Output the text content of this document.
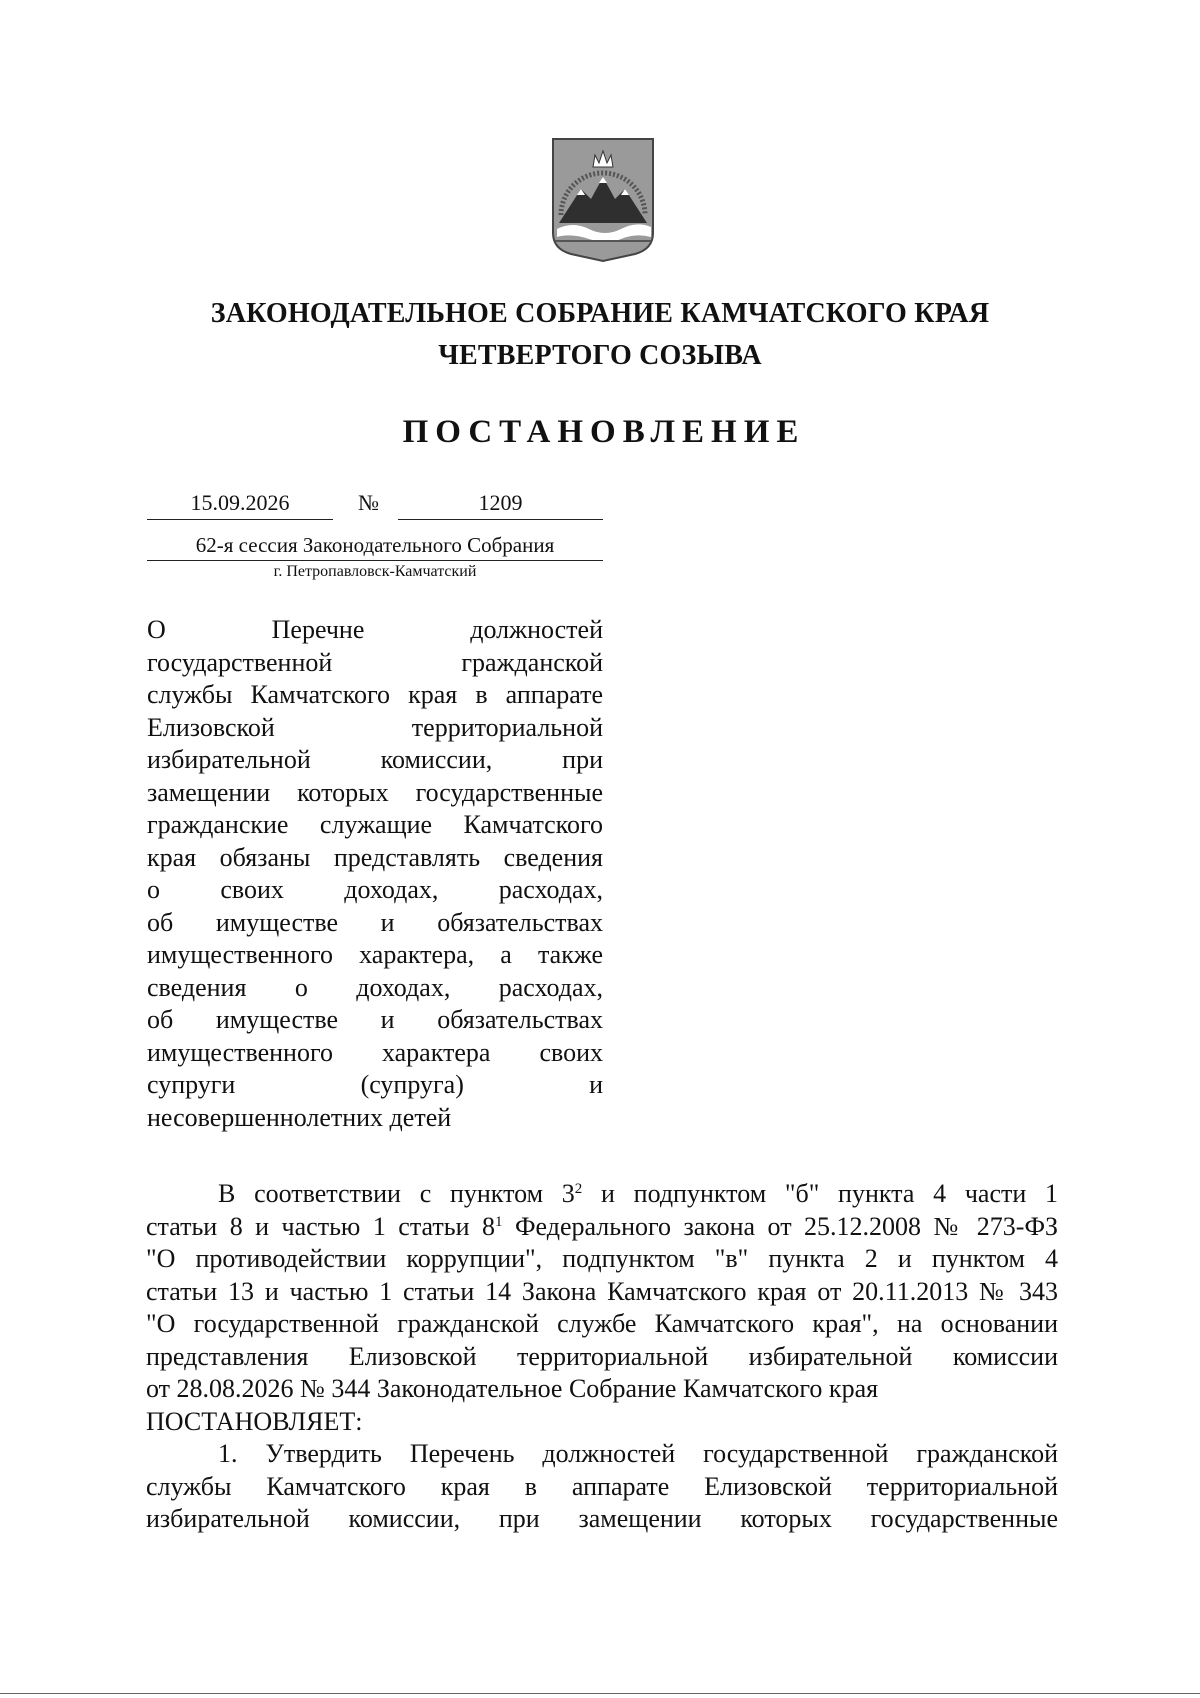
ЗАКОНОДАТЕЛЬНОЕ СОБРАНИЕ КАМЧАТСКОГО КРАЯ
ЧЕТВЕРТОГО СОЗЫВА
ПОСТАНОВЛЕНИЕ
15.09.2026	№	1209
62-я сессия Законодательного Собрания
г. Петропавловск-Камчатский
О Перечне должностей
государственной гражданской
службы Камчатского края в аппарате
Елизовской территориальной
избирательной комиссии, при
замещении которых государственные
гражданские служащие Камчатского
края обязаны представлять сведения
о своих доходах, расходах,
об имуществе и обязательствах
имущественного характера, а также
сведения о доходах, расходах,
об имуществе и обязательствах
имущественного характера своих
супруги (супруга) и
несовершеннолетних детей
В соответствии с пунктом $3^2$ и подпунктом "б" пункта 4 части 1
статьи 8 и частью 1 статьи $8^1$ Федерального закона от 25.12.2008 № 273-ФЗ
"О противодействии коррупции", подпунктом "в" пункта 2 и пунктом 4
статьи 13 и частью 1 статьи 14 Закона Камчатского края от 20.11.2013 № 343
"О государственной гражданской службе Камчатского края", на основании
представления Елизовской территориальной избирательной комиссии
от 28.08.2026 № 344 Законодательное Собрание Камчатского края
ПОСТАНОВЛЯЕТ:
1. Утвердить Перечень должностей государственной гражданской
службы Камчатского края в аппарате Елизовской территориальной
избирательной комиссии, при замещении которых государственные
